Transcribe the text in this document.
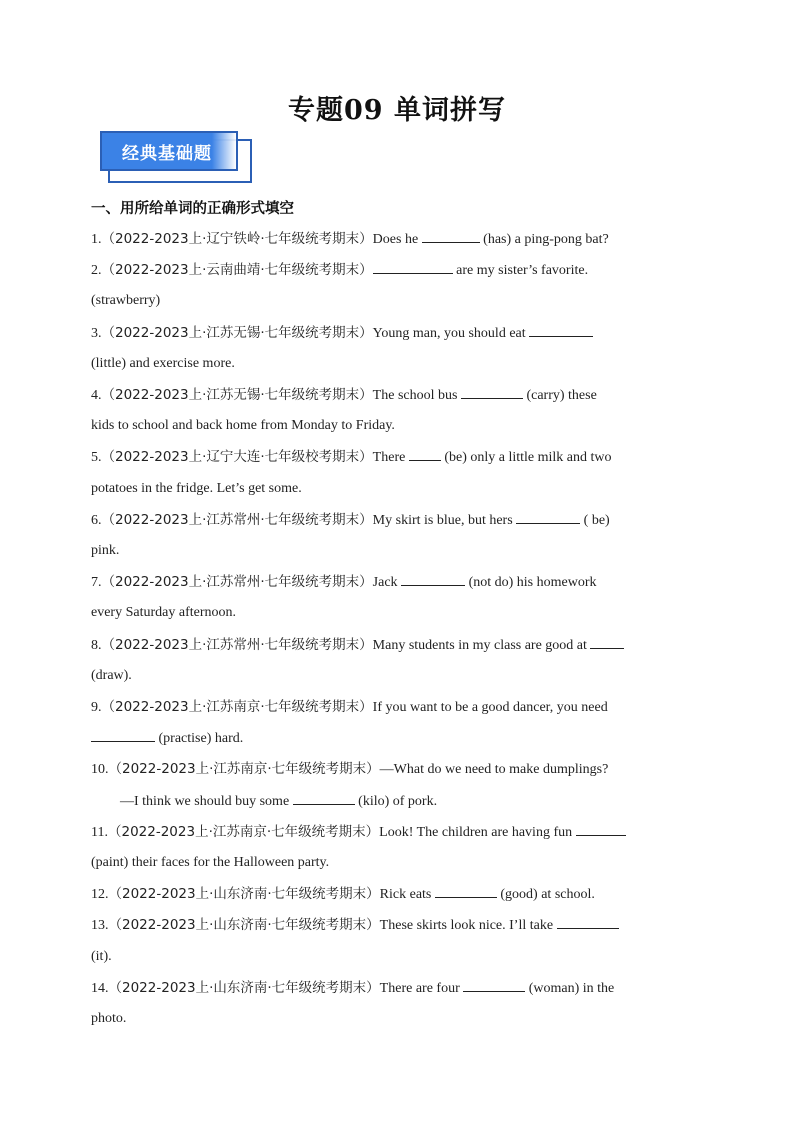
专题09 单词拼写
经典基础题
一、用所给单词的正确形式填空
1.（2022-2023上·辽宁铁岭·七年级统考期末）Does he	(has) a ping-pong bat?
2.（2022-2023上·云南曲靖·七年级统考期末）	are my sister’s favorite.
(strawberry)
3.（2022-2023上·江苏无锡·七年级统考期末）Young man, you should eat
(little) and exercise more.
4.（2022-2023上·江苏无锡·七年级统考期末）The school bus	(carry) these
kids to school and back home from Monday to Friday.
5.（2022-2023上·辽宁大连·七年级校考期末）There  (be) only a little milk and two
potatoes in the fridge. Let’s get some.
6.（2022-2023上·江苏常州·七年级统考期末）My skirt is blue, but hers	( be)
pink.
7.（2022-2023上·江苏常州·七年级统考期末）Jack	(not do) his homework
every Saturday afternoon.
8.（2022-2023上·江苏常州·七年级统考期末）Many students in my class are good at
(draw).
9.（2022-2023上·江苏南京·七年级统考期末）If you want to be a good dancer, you need
(practise) hard.
10.（2022-2023上·江苏南京·七年级统考期末）—What do we need to make dumplings?
—I think we should buy some	(kilo) of pork.
11.（2022-2023上·江苏南京·七年级统考期末）Look! The children are having fun
(paint) their faces for the Halloween party.
12.（2022-2023上·山东济南·七年级统考期末）Rick eats	(good) at school.
13.（2022-2023上·山东济南·七年级统考期末）These skirts look nice. I’ll take
(it).
14.（2022-2023上·山东济南·七年级统考期末）There are four	(woman) in the
photo.
